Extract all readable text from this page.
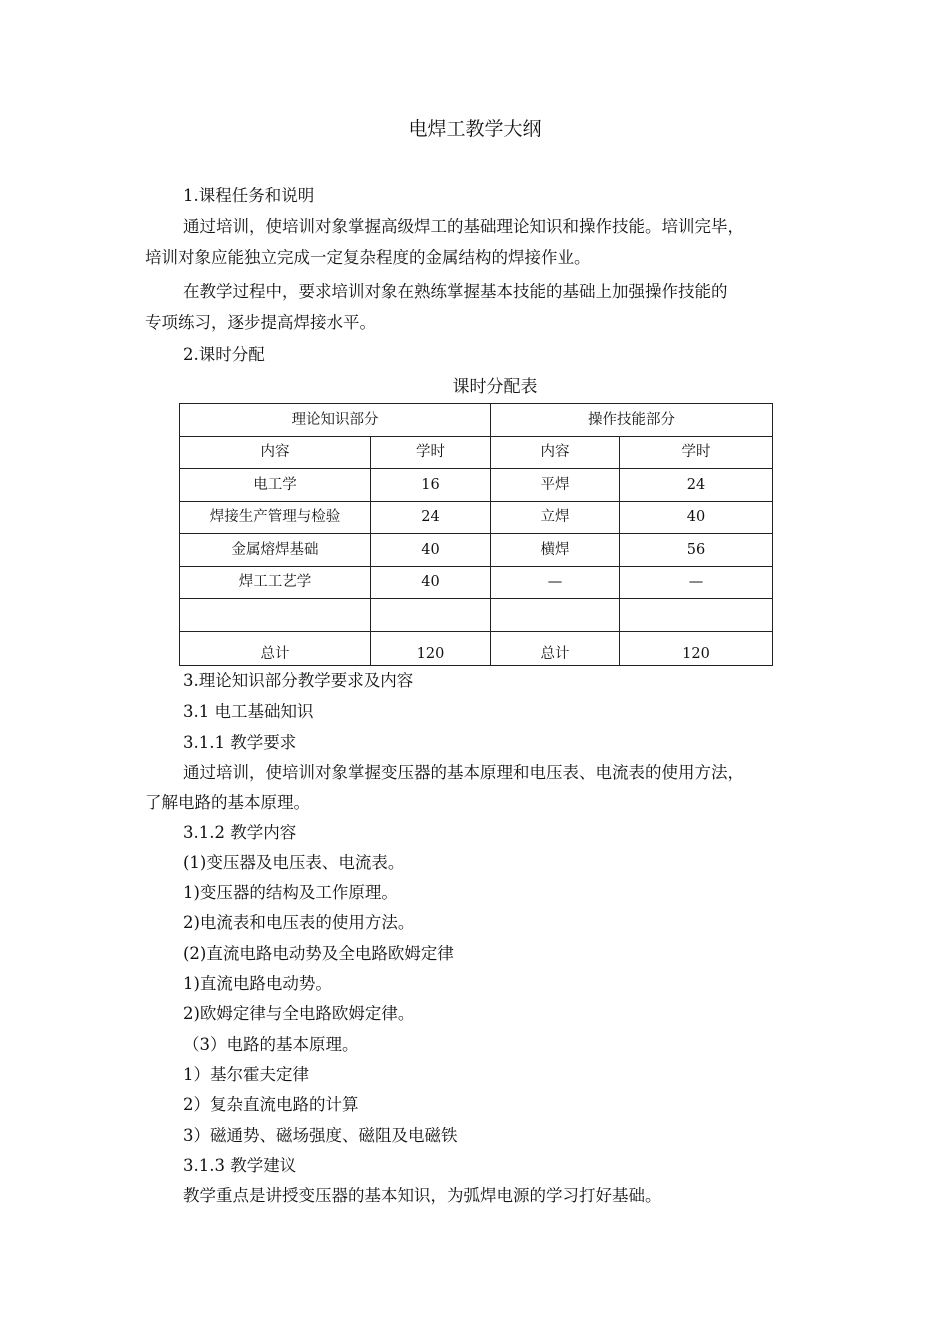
电焊工教学大纲
1.课程任务和说明
通过培训，使培训对象掌握高级焊工的基础理论知识和操作技能。培训完毕，
培训对象应能独立完成一定复杂程度的金属结构的焊接作业。
在教学过程中，要求培训对象在熟练掌握基本技能的基础上加强操作技能的
专项练习，逐步提高焊接水平。
2.课时分配
课时分配表
理论知识部分		操作技能部分	
内容	学时	内容	学时
电工学	16	平焊	24
焊接生产管理与检验	24	立焊	40
金属熔焊基础	40	横焊	56
焊工工艺学	40	—	—

总计	120	总计	120
3.理论知识部分教学要求及内容
3.1 电工基础知识
3.1.1 教学要求
通过培训，使培训对象掌握变压器的基本原理和电压表、电流表的使用方法，
了解电路的基本原理。
3.1.2 教学内容
(1)变压器及电压表、电流表。
1)变压器的结构及工作原理。
2)电流表和电压表的使用方法。
(2)直流电路电动势及全电路欧姆定律
1)直流电路电动势。
2)欧姆定律与全电路欧姆定律。
（3）电路的基本原理。
1）基尔霍夫定律
2）复杂直流电路的计算
3）磁通势、磁场强度、磁阻及电磁铁
3.1.3 教学建议
教学重点是讲授变压器的基本知识，为弧焊电源的学习打好基础。
